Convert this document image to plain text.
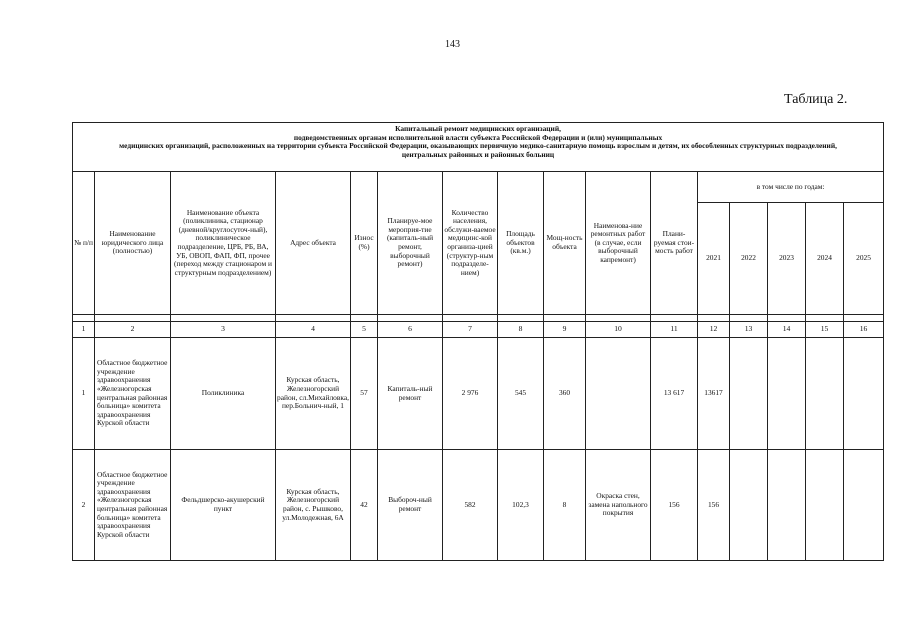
143
Таблица 2.
Капитальный ремонт медицинских организаций,
подведомственных органам исполнительной власти субъекта Российской Федерации и (или) муниципальных
медицинских организаций, расположенных на территории субъекта Российской Федерации, оказывающих первичную медико-санитарную помощь взрослым и детям, их обособленных структурных подразделений,
центральных районных и районных больниц															

№ п/п	Наименование юридического лица (полностью)	Наименование объекта (поликлиника, стационар (дневной/круглосуточ-ный), поликлиническое подразделение, ЦРБ, РБ, ВА, УБ, ОВОП, ФАП, ФП, прочее (переход между стационаром и структурным подразделением)	Адрес объекта	Износ (%)	Планируе-мое мероприя-тие (капиталь-ный ремонт, выборочный ремонт)	Количество населения, обслужи-ваемое медицинс-кой организа-цией (структур-ным подразделе-нием)	Площадь объектов (кв.м.)	Мощ-ность объекта	Наименова-ние ремонтных работ (в случае, если выборочный капремонт)	Плани-руемая стои-мость работ	в том числе по годам:				
											2021	2022	2023	2024	2025

1	2	3	4	5	6	7	8	9	10	11	12	13	14	15	16
1	Областное бюджетное учреждение здравоохранения «Железногорская центральная районная больница» комитета здравоохранения Курской области	Поликлиника	Курская область, Железногорский район, сл.Михайловка, пер.Больнич-ный, 1	57	Капиталь-ный ремонт	2 976	545	360		13 617	13617				
2	Областное бюджетное учреждение здравоохранения «Железногорская центральная районная больница» комитета здравоохранения Курской области	Фельдшерско-акушерский пункт	Курская область, Железногорский район, с. Рышково, ул.Молодежная, 6А	42	Выбороч-ный ремонт	582	102,3	8	Окраска стен, замена напольного покрытия	156	156				
